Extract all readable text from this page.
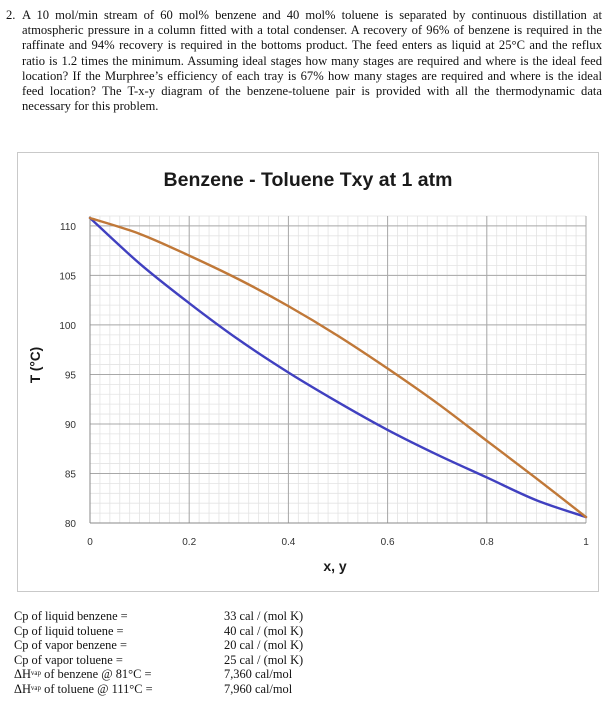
2. A 10 mol/min stream of 60 mol% benzene and 40 mol% toluene is separated by continuous distillation at atmospheric pressure in a column fitted with a total condenser. A recovery of 96% of benzene is required in the raffinate and 94% recovery is required in the bottoms product. The feed enters as liquid at 25°C and the reflux ratio is 1.2 times the minimum. Assuming ideal stages how many stages are required and where is the ideal feed location? If the Murphree’s efficiency of each tray is 67% how many stages are required and where is the ideal feed location? The T-x-y diagram of the benzene-toluene pair is provided with all the thermodynamic data necessary for this problem.
Benzene - Toluene Txy at 1 atm
x, y
T (°C)
0	0.2	0.4	0.6	0.8	1
80
85
90
95
100
105
110
Cp of liquid benzene =	33 cal / (mol K)
Cp of liquid toluene =	40 cal / (mol K)
Cp of vapor benzene =	20 cal / (mol K)
Cp of vapor toluene =	25 cal / (mol K)
$\Delta H^{vap}$ of benzene @ 81°C =	7,360 cal/mol
$\Delta H^{vap}$ of toluene @ 111°C =	7,960 cal/mol
